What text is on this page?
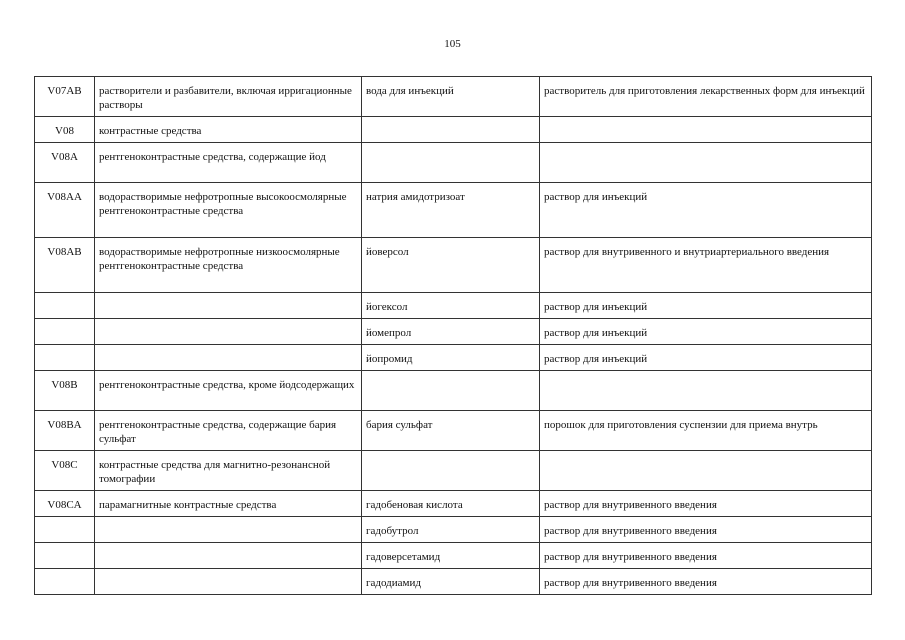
105
V07AB	растворители и разбавители, включая ирригационные растворы	вода для инъекций	растворитель для приготовления лекарственных форм для инъекций
V08	контрастные средства		
V08A	рентгеноконтрастные средства, содержащие йод		
V08AA	водорастворимые нефротропные высокоосмолярные рентгеноконтрастные средства	натрия амидотризоат	раствор для инъекций
V08AB	водорастворимые нефротропные низкоосмолярные рентгеноконтрастные средства	йоверсол	раствор для внутривенного и внутриартериального введения
		йогексол	раствор для инъекций
		йомепрол	раствор для инъекций
		йопромид	раствор для инъекций
V08B	рентгеноконтрастные средства, кроме йодсодержащих		
V08BA	рентгеноконтрастные средства, содержащие бария сульфат	бария сульфат	порошок для приготовления суспензии для приема внутрь
V08C	контрастные средства для магнитно-резонансной томографии		
V08CA	парамагнитные контрастные средства	гадобеновая кислота	раствор для внутривенного введения
		гадобутрол	раствор для внутривенного введения
		гадоверсетамид	раствор для внутривенного введения
		гадодиамид	раствор для внутривенного введения
